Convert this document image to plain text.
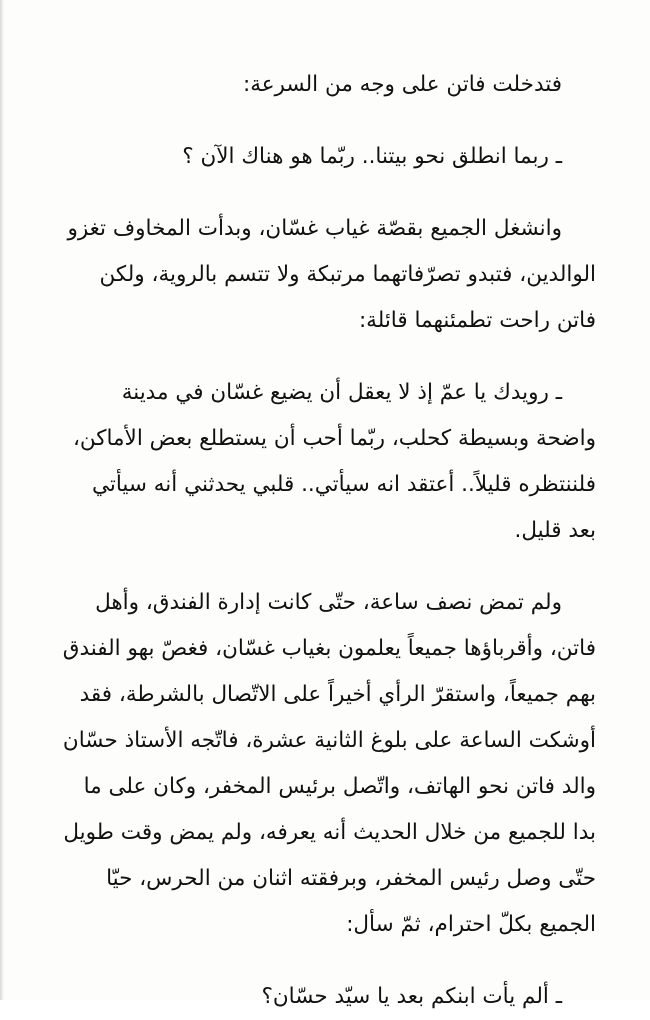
فتدخلت فاتن على وجه من السرعة:
ـ ربما انطلق نحو بيتنا.. ربّما هو هناك الآن ؟
وانشغل الجميع بقصّة غياب غسّان، وبدأت المخاوف تغزو
الوالدين، فتبدو تصرّفاتهما مرتبكة ولا تتسم بالروية، ولكن
فاتن راحت تطمئنهما قائلة:
ـ رويدك يا عمّ إذ لا يعقل أن يضيع غسّان في مدينة
واضحة وبسيطة كحلب، ربّما أحب أن يستطلع بعض الأماكن،
فلننتظره قليلاً.. أعتقد انه سيأتي.. قلبي يحدثني أنه سيأتي
بعد قليل.
ولم تمض نصف ساعة، حتّى كانت إدارة الفندق، وأهل
فاتن، وأقرباؤها جميعاً يعلمون بغياب غسّان، فغصّ بهو الفندق
بهم جميعاً، واستقرّ الرأي أخيراً على الاتّصال بالشرطة، فقد
أوشكت الساعة على بلوغ الثانية عشرة، فاتّجه الأستاذ حسّان
والد فاتن نحو الهاتف، واتّصل برئيس المخفر، وكان على ما
بدا للجميع من خلال الحديث أنه يعرفه، ولم يمض وقت طويل
حتّى وصل رئيس المخفر، وبرفقته اثنان من الحرس، حيّا
الجميع بكلّ احترام، ثمّ سأل:
ـ ألم يأت ابنكم بعد يا سيّد حسّان؟
